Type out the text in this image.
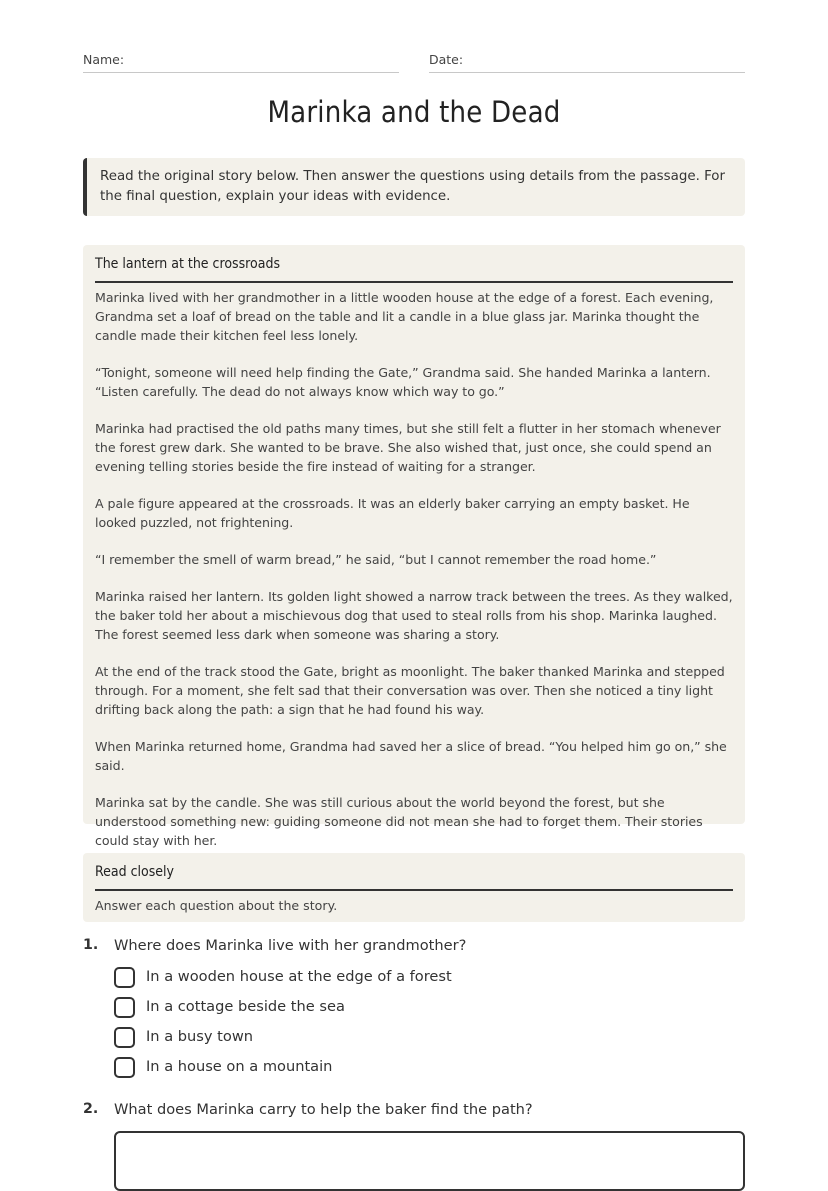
Name:	Date:
Marinka and the Dead
Read the original story below. Then answer the questions using details from the passage. For the final question, explain your ideas with evidence.
The lantern at the crossroads

Marinka lived with her grandmother in a little wooden house at the edge of a forest. Each evening, Grandma set a loaf of bread on the table and lit a candle in a blue glass jar. Marinka thought the candle made their kitchen feel less lonely.

“Tonight, someone will need help finding the Gate,” Grandma said. She handed Marinka a lantern. “Listen carefully. The dead do not always know which way to go.”

Marinka had practised the old paths many times, but she still felt a flutter in her stomach whenever the forest grew dark. She wanted to be brave. She also wished that, just once, she could spend an evening telling stories beside the fire instead of waiting for a stranger.

A pale figure appeared at the crossroads. It was an elderly baker carrying an empty basket. He looked puzzled, not frightening.

“I remember the smell of warm bread,” he said, “but I cannot remember the road home.”

Marinka raised her lantern. Its golden light showed a narrow track between the trees. As they walked, the baker told her about a mischievous dog that used to steal rolls from his shop. Marinka laughed. The forest seemed less dark when someone was sharing a story.

At the end of the track stood the Gate, bright as moonlight. The baker thanked Marinka and stepped through. For a moment, she felt sad that their conversation was over. Then she noticed a tiny light drifting back along the path: a sign that he had found his way.

When Marinka returned home, Grandma had saved her a slice of bread. “You helped him go on,” she said.

Marinka sat by the candle. She was still curious about the world beyond the forest, but she understood something new: guiding someone did not mean she had to forget them. Their stories could stay with her.

Read closely
Answer each question about the story.
1. Where does Marinka live with her grandmother?
In a wooden house at the edge of a forest
In a cottage beside the sea
In a busy town
In a house on a mountain
2. What does Marinka carry to help the baker find the path?
